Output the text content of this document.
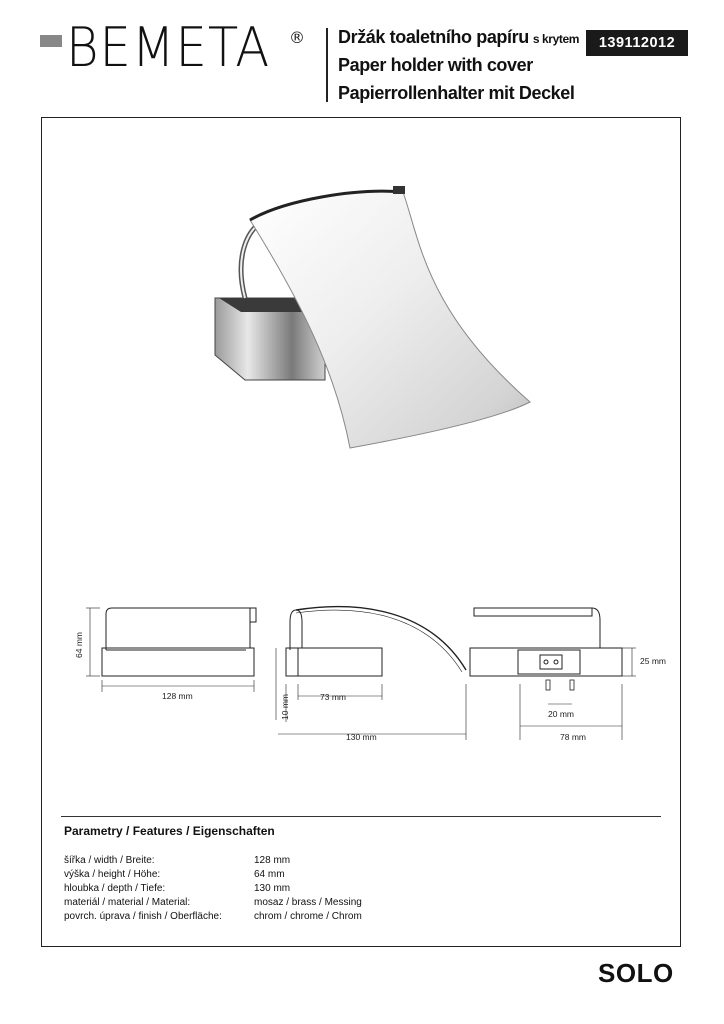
BEMETA ® Držák toaletního papíru s krytem
Paper holder with cover
Papierrollenhalter mit Deckel
139112012
64 mm
128 mm	73 mm
10 mm
130 mm
25 mm
20 mm
78 mm
Parametry / Features / Eigenschaften
šířka / width / Breite:	128 mm
výška / height / Höhe:	64 mm
hloubka / depth / Tiefe:	130 mm
materiál / material / Material:	mosaz / brass / Messing
povrch. úprava / finish / Oberfläche:	chrom / chrome / Chrom
SOLO
